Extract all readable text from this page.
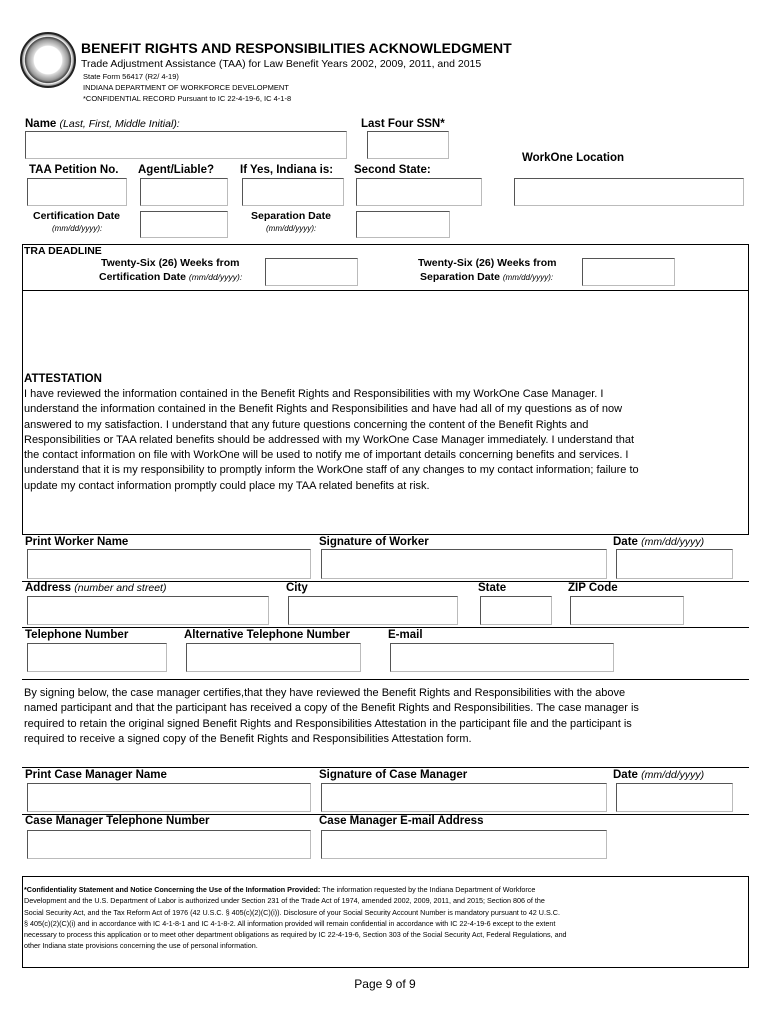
BENEFIT RIGHTS AND RESPONSIBILITIES ACKNOWLEDGMENT
Trade Adjustment Assistance (TAA) for Law Benefit Years 2002, 2009, 2011, and 2015
State Form 56417 (R2/ 4-19)
INDIANA DEPARTMENT OF WORKFORCE DEVELOPMENT
*CONFIDENTIAL RECORD Pursuant to IC 22-4-19-6, IC 4-1-8
Name (Last, First, Middle Initial):	Last Four SSN*
WorkOne Location
TAA Petition No. Agent/Liable? If Yes, Indiana is: Second State:
Certification Date
(mm/dd/yyyy):
Separation Date
(mm/dd/yyyy):
TRA DEADLINE
Twenty-Six (26) Weeks from
Certification Date (mm/dd/yyyy):
Twenty-Six (26) Weeks from
Separation Date (mm/dd/yyyy):
ATTESTATION
I have reviewed the information contained in the Benefit Rights and Responsibilities with my WorkOne Case Manager. I
understand the information contained in the Benefit Rights and Responsibilities and have had all of my questions as of now
answered to my satisfaction. I understand that any future questions concerning the content of the Benefit Rights and
Responsibilities or TAA related benefits should be addressed with my WorkOne Case Manager immediately. I understand that
the contact information on file with WorkOne will be used to notify me of important details concerning benefits and services. I
understand that it is my responsibility to promptly inform the WorkOne staff of any changes to my contact information; failure to
update my contact information promptly could place my TAA related benefits at risk.
Print Worker Name	Signature of Worker	Date (mm/dd/yyyy)
Address (number and street)	City	State	ZIP Code
Telephone Number	Alternative Telephone Number	E-mail
By signing below, the case manager certifies,that they have reviewed the Benefit Rights and Responsibilities with the above
named participant and that the participant has received a copy of the Benefit Rights and Responsibilities. The case manager is
required to retain the original signed Benefit Rights and Responsibilities Attestation in the participant file and the participant is
required to receive a signed copy of the Benefit Rights and Responsibilities Attestation form.
Print Case Manager Name	Signature of Case Manager	Date (mm/dd/yyyy)
Case Manager Telephone Number	Case Manager E-mail Address
*Confidentiality Statement and Notice Concerning the Use of the Information Provided: The information requested by the Indiana Department of Workforce
Development and the U.S. Department of Labor is authorized under Section 231 of the Trade Act of 1974, amended 2002, 2009, 2011, and 2015; Section 806 of the
Social Security Act, and the Tax Reform Act of 1976 (42 U.S.C. § 405(c)(2)(C)(i)). Disclosure of your Social Security Account Number is mandatory pursuant to 42 U.S.C.
§ 405(c)(2)(C)(i) and in accordance with IC 4-1-8-1 and IC 4-1-8-2. All information provided will remain confidential in accordance with IC 22-4-19-6 except to the extent
necessary to process this application or to meet other department obligations as required by IC 22-4-19-6, Section 303 of the Social Security Act, Federal Regulations, and
other Indiana state provisions concerning the use of personal information.
Page 9 of 9
